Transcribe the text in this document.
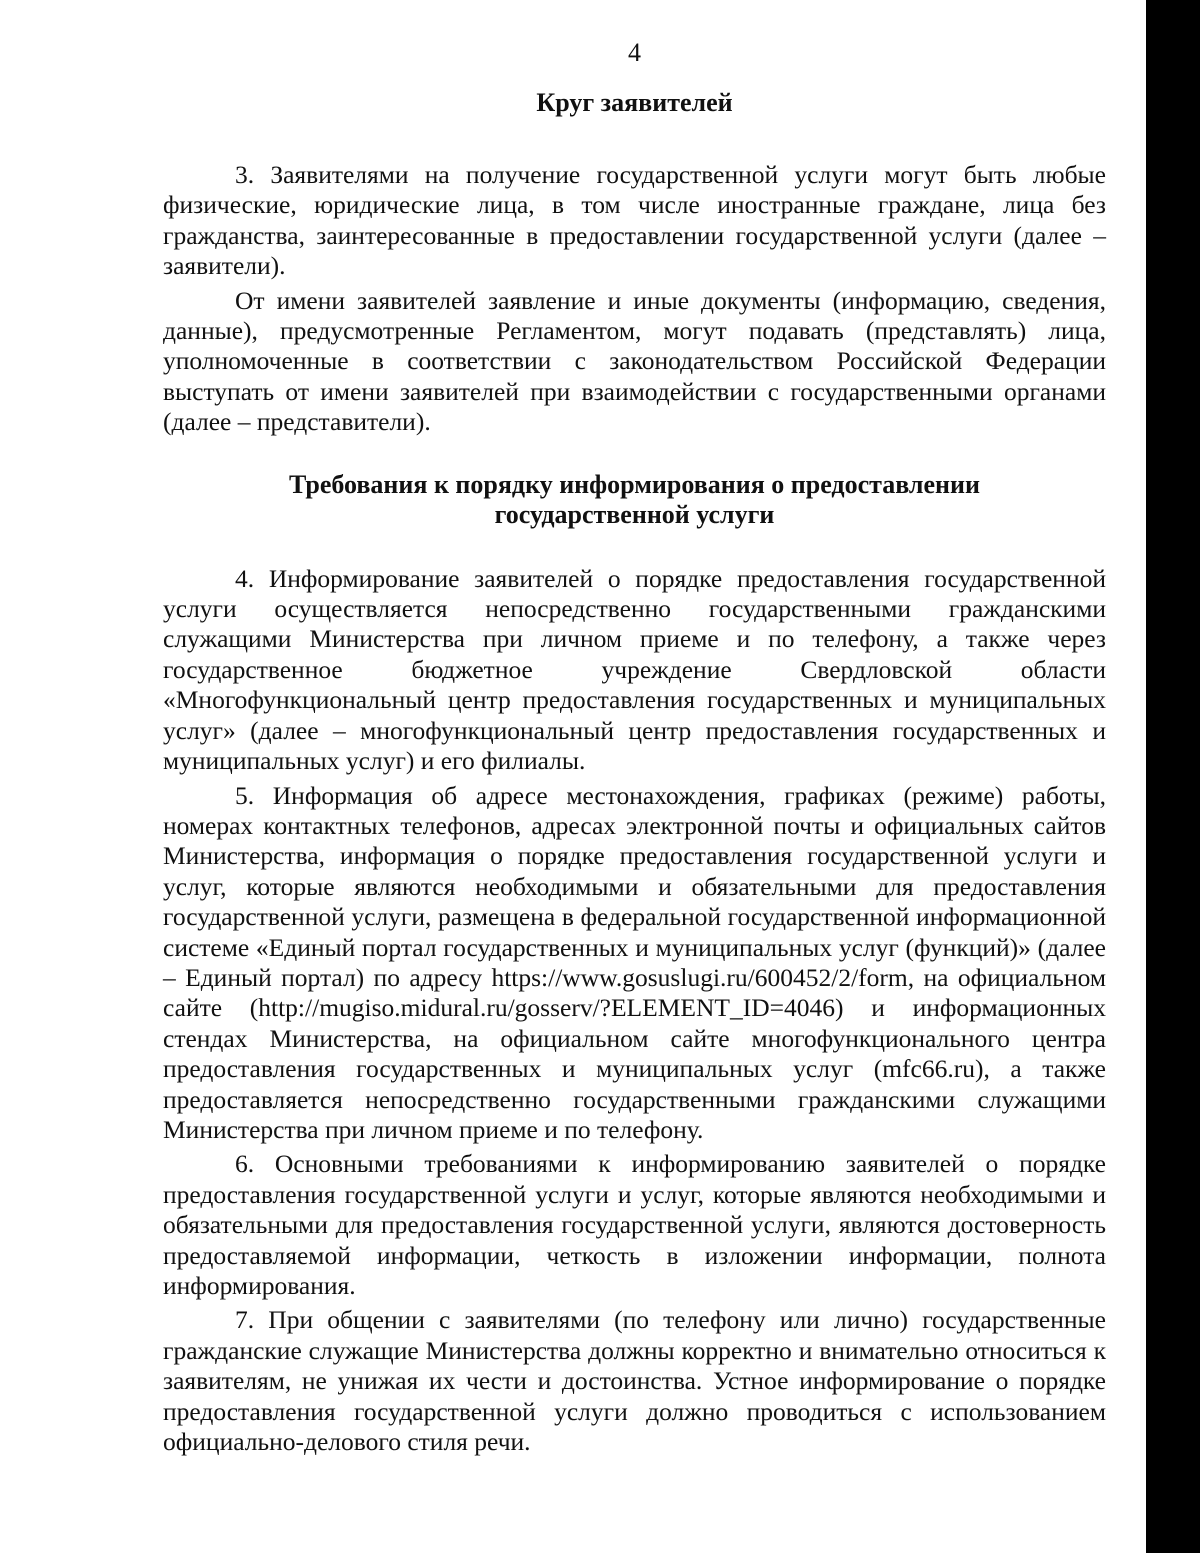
4
Круг заявителей

3. Заявителями на получение государственной услуги могут быть любые физические, юридические лица, в том числе иностранные граждане, лица без гражданства, заинтересованные в предоставлении государственной услуги (далее – заявители).

От имени заявителей заявление и иные документы (информацию, сведения, данные), предусмотренные Регламентом, могут подавать (представлять) лица, уполномоченные в соответствии с законодательством Российской Федерации выступать от имени заявителей при взаимодействии с государственными органами (далее – представители).

Требования к порядку информирования о предоставлении
государственной услуги

4. Информирование заявителей о порядке предоставления государственной услуги осуществляется непосредственно государственными гражданскими служащими Министерства при личном приеме и по телефону, а также через государственное бюджетное учреждение Свердловской области «Многофункциональный центр предоставления государственных и муниципальных услуг» (далее – многофункциональный центр предоставления государственных и муниципальных услуг) и его филиалы.

5. Информация об адресе местонахождения, графиках (режиме) работы, номерах контактных телефонов, адресах электронной почты и официальных сайтов Министерства, информация о порядке предоставления государственной услуги и услуг, которые являются необходимыми и обязательными для предоставления государственной услуги, размещена в федеральной государственной информационной системе «Единый портал государственных и муниципальных услуг (функций)» (далее – Единый портал) по адресу https://www.gosuslugi.ru/600452/2/form, на официальном сайте (http://mugiso.midural.ru/gosserv/?ELEMENT_ID=4046) и информационных стендах Министерства, на официальном сайте многофункционального центра предоставления государственных и муниципальных услуг (mfc66.ru), а также предоставляется непосредственно государственными гражданскими служащими Министерства при личном приеме и по телефону.

6. Основными требованиями к информированию заявителей о порядке предоставления государственной услуги и услуг, которые являются необходимыми и обязательными для предоставления государственной услуги, являются достоверность предоставляемой информации, четкость в изложении информации, полнота информирования.

7. При общении с заявителями (по телефону или лично) государственные гражданские служащие Министерства должны корректно и внимательно относиться к заявителям, не унижая их чести и достоинства. Устное информирование о порядке предоставления государственной услуги должно проводиться с использованием официально-делового стиля речи.
